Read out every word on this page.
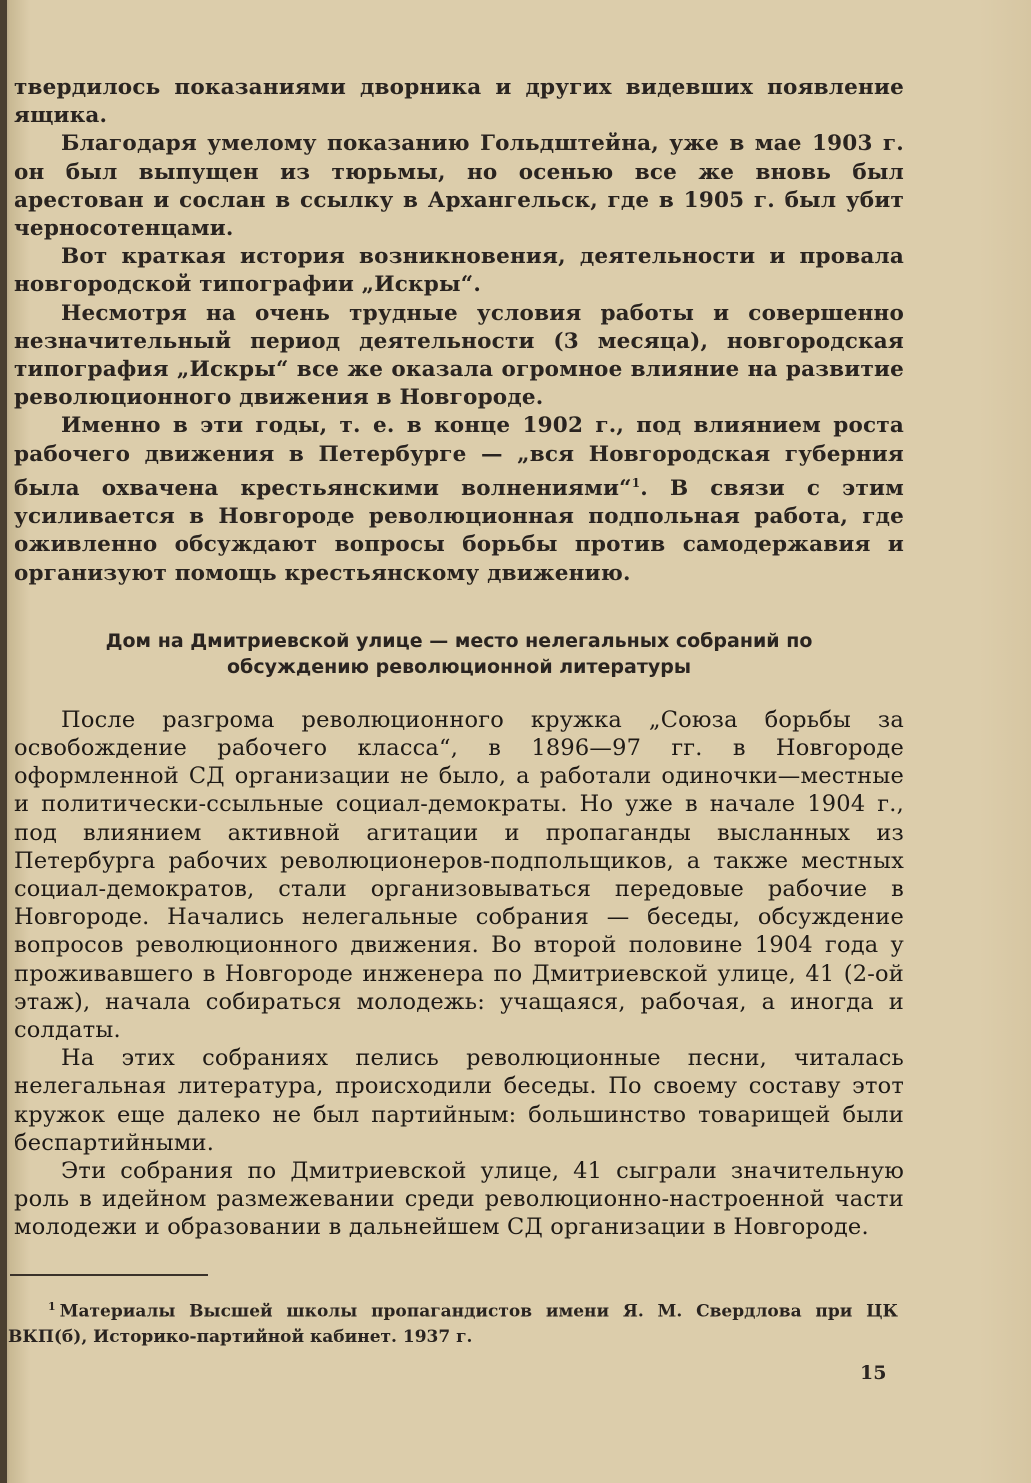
твердилось показаниями дворника и других видевших появление ящика.

Благодаря умелому показанию Гольдштейна, уже в мае 1903 г. он был выпущен из тюрьмы, но осенью все же вновь был арестован и сослан в ссылку в Архангельск, где в 1905 г. был убит черносотенцами.

Вот краткая история возникновения, деятельности и провала новгородской типографии „Искры“.

Несмотря на очень трудные условия работы и совершенно незначительный период деятельности (3 месяца), новгородская типография „Искры“ все же оказала огромное влияние на развитие революционного движения в Новгороде.

Именно в эти годы, т. е. в конце 1902 г., под влиянием роста рабочего движения в Петербурге — „вся Новгородская губерния была охвачена крестьянскими волнениями“$^1$. В связи с этим усиливается в Новгороде революционная подпольная работа, где оживленно обсуждают вопросы борьбы против самодержавия и организуют помощь крестьянскому движению.

Дом на Дмитриевской улице — место нелегальных собраний по
обсуждению революционной литературы

После разгрома революционного кружка „Союза борьбы за освобождение рабочего класса“, в 1896—97 гг. в Новгороде оформленной СД организации не было, а работали одиночки—местные и политически-ссыльные социал-демократы. Но уже в начале 1904 г., под влиянием активной агитации и пропаганды высланных из Петербурга рабочих революционеров-подпольщиков, а также местных социал-демократов, стали организовываться передовые рабочие в Новгороде. Начались нелегальные собрания — беседы, обсуждение вопросов революционного движения. Во второй половине 1904 года у проживавшего в Новгороде инженера по Дмитриевской улице, 41 (2-ой этаж), начала собираться молодежь: учащаяся, рабочая, а иногда и солдаты.

На этих собраниях пелись революционные песни, читалась нелегальная литература, происходили беседы. По своему составу этот кружок еще далеко не был партийным: большинство товарищей были беспартийными.

Эти собрания по Дмитриевской улице, 41 сыграли значительную роль в идейном размежевании среди революционно-настроенной части молодежи и образовании в дальнейшем СД организации в Новгороде.

$^1$ Материалы Высшей школы пропагандистов имени Я. М. Свердлова при ЦК ВКП(б), Историко-партийной кабинет. 1937 г.
15
